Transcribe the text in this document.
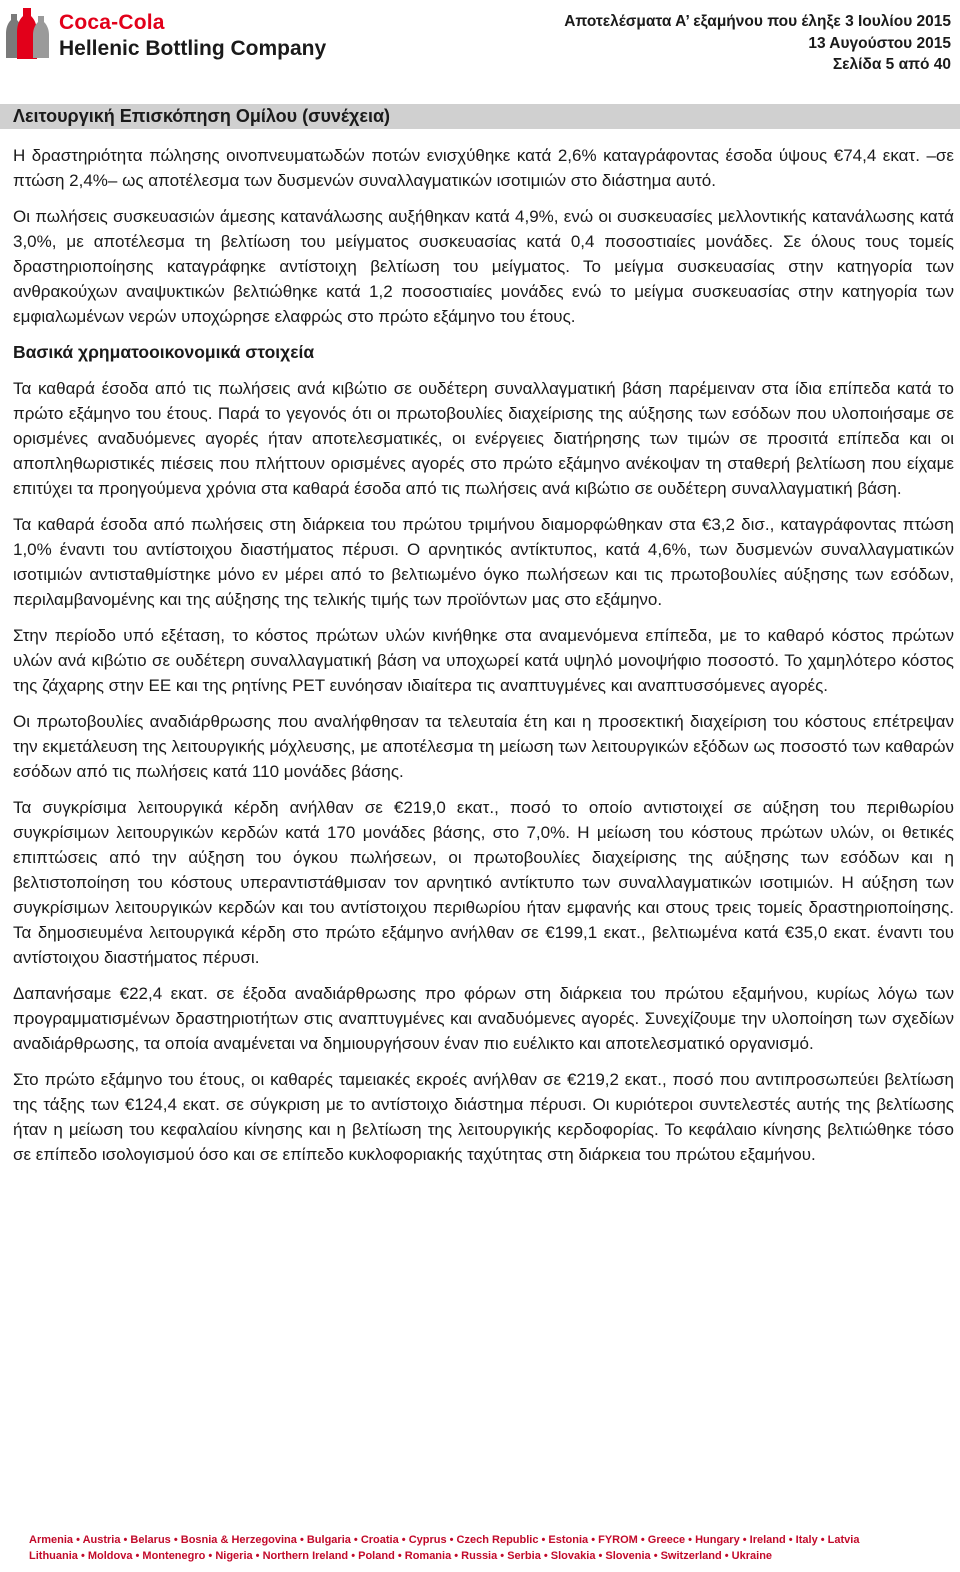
Coca-Cola
Hellenic Bottling Company
Αποτελέσματα Α’ εξαμήνου που έληξε 3 Ιουλίου 2015
13 Αυγούστου 2015
Σελίδα 5 από 40
Λειτουργική Επισκόπηση Ομίλου (συνέχεια)

Η δραστηριότητα πώλησης οινοπνευματωδών ποτών ενισχύθηκε κατά 2,6% καταγράφοντας έσοδα ύψους €74,4 εκατ. –σε πτώση 2,4%– ως αποτέλεσμα των δυσμενών συναλλαγματικών ισοτιμιών στο διάστημα αυτό.

Οι πωλήσεις συσκευασιών άμεσης κατανάλωσης αυξήθηκαν κατά 4,9%, ενώ οι συσκευασίες μελλοντικής κατανάλωσης κατά 3,0%, με αποτέλεσμα τη βελτίωση του μείγματος συσκευασίας κατά 0,4 ποσοστιαίες μονάδες. Σε όλους τους τομείς δραστηριοποίησης καταγράφηκε αντίστοιχη βελτίωση του μείγματος. Το μείγμα συσκευασίας στην κατηγορία των ανθρακούχων αναψυκτικών βελτιώθηκε κατά 1,2 ποσοστιαίες μονάδες ενώ το μείγμα συσκευασίας στην κατηγορία των εμφιαλωμένων νερών υποχώρησε ελαφρώς στο πρώτο εξάμηνο του έτους.

Βασικά χρηματοοικονομικά στοιχεία

Τα καθαρά έσοδα από τις πωλήσεις ανά κιβώτιο σε ουδέτερη συναλλαγματική βάση παρέμειναν στα ίδια επίπεδα κατά το πρώτο εξάμηνο του έτους. Παρά το γεγονός ότι οι πρωτοβουλίες διαχείρισης της αύξησης των εσόδων που υλοποιήσαμε σε ορισμένες αναδυόμενες αγορές ήταν αποτελεσματικές, οι ενέργειες διατήρησης των τιμών σε προσιτά επίπεδα και οι αποπληθωριστικές πιέσεις που πλήττουν ορισμένες αγορές στο πρώτο εξάμηνο ανέκοψαν τη σταθερή βελτίωση που είχαμε επιτύχει τα προηγούμενα χρόνια στα καθαρά έσοδα από τις πωλήσεις ανά κιβώτιο σε ουδέτερη συναλλαγματική βάση.

Τα καθαρά έσοδα από πωλήσεις στη διάρκεια του πρώτου τριμήνου διαμορφώθηκαν στα €3,2 δισ., καταγράφοντας πτώση 1,0% έναντι του αντίστοιχου διαστήματος πέρυσι. Ο αρνητικός αντίκτυπος, κατά 4,6%, των δυσμενών συναλλαγματικών ισοτιμιών αντισταθμίστηκε μόνο εν μέρει από το βελτιωμένο όγκο πωλήσεων και τις πρωτοβουλίες αύξησης των εσόδων, περιλαμβανομένης και της αύξησης της τελικής τιμής των προϊόντων μας στο εξάμηνο.

Στην περίοδο υπό εξέταση, το κόστος πρώτων υλών κινήθηκε στα αναμενόμενα επίπεδα, με το καθαρό κόστος πρώτων υλών ανά κιβώτιο σε ουδέτερη συναλλαγματική βάση να υποχωρεί κατά υψηλό μονοψήφιο ποσοστό. Το χαμηλότερο κόστος της ζάχαρης στην ΕΕ και της ρητίνης PET ευνόησαν ιδιαίτερα τις αναπτυγμένες και αναπτυσσόμενες αγορές.

Οι πρωτοβουλίες αναδιάρθρωσης που αναλήφθησαν τα τελευταία έτη και η προσεκτική διαχείριση του κόστους επέτρεψαν την εκμετάλευση της λειτουργικής μόχλευσης, με αποτέλεσμα τη μείωση των λειτουργικών εξόδων ως ποσοστό των καθαρών εσόδων από τις πωλήσεις κατά 110 μονάδες βάσης.

Τα συγκρίσιμα λειτουργικά κέρδη ανήλθαν σε €219,0 εκατ., ποσό το οποίο αντιστοιχεί σε αύξηση του περιθωρίου συγκρίσιμων λειτουργικών κερδών κατά 170 μονάδες βάσης, στο 7,0%. Η μείωση του κόστους πρώτων υλών, οι θετικές επιπτώσεις από την αύξηση του όγκου πωλήσεων, οι πρωτοβουλίες διαχείρισης της αύξησης των εσόδων και η βελτιστοποίηση του κόστους υπεραντιστάθμισαν τον αρνητικό αντίκτυπο των συναλλαγματικών ισοτιμιών. Η αύξηση των συγκρίσιμων λειτουργικών κερδών και του αντίστοιχου περιθωρίου ήταν εμφανής και στους τρεις τομείς δραστηριοποίησης. Τα δημοσιευμένα λειτουργικά κέρδη στο πρώτο εξάμηνο ανήλθαν σε €199,1 εκατ., βελτιωμένα κατά €35,0 εκατ. έναντι του αντίστοιχου διαστήματος πέρυσι.

Δαπανήσαμε €22,4 εκατ. σε έξοδα αναδιάρθρωσης προ φόρων στη διάρκεια του πρώτου εξαμήνου, κυρίως λόγω των προγραμματισμένων δραστηριοτήτων στις αναπτυγμένες και αναδυόμενες αγορές. Συνεχίζουμε την υλοποίηση των σχεδίων αναδιάρθρωσης, τα οποία αναμένεται να δημιουργήσουν έναν πιο ευέλικτο και αποτελεσματικό οργανισμό.

Στο πρώτο εξάμηνο του έτους, οι καθαρές ταμειακές εκροές ανήλθαν σε €219,2 εκατ., ποσό που αντιπροσωπεύει βελτίωση της τάξης των €124,4 εκατ. σε σύγκριση με το αντίστοιχο διάστημα πέρυσι. Οι κυριότεροι συντελεστές αυτής της βελτίωσης ήταν η μείωση του κεφαλαίου κίνησης και η βελτίωση της λειτουργικής κερδοφορίας. Το κεφάλαιο κίνησης βελτιώθηκε τόσο σε επίπεδο ισολογισμού όσο και σε επίπεδο κυκλοφοριακής ταχύτητας στη διάρκεια του πρώτου εξαμήνου.

Armenia • Austria • Belarus • Bosnia & Herzegovina • Bulgaria • Croatia • Cyprus • Czech Republic • Estonia • FYROM • Greece • Hungary • Ireland • Italy • Latvia
Lithuania • Moldova • Montenegro • Nigeria • Northern Ireland • Poland • Romania • Russia • Serbia • Slovakia • Slovenia • Switzerland • Ukraine
